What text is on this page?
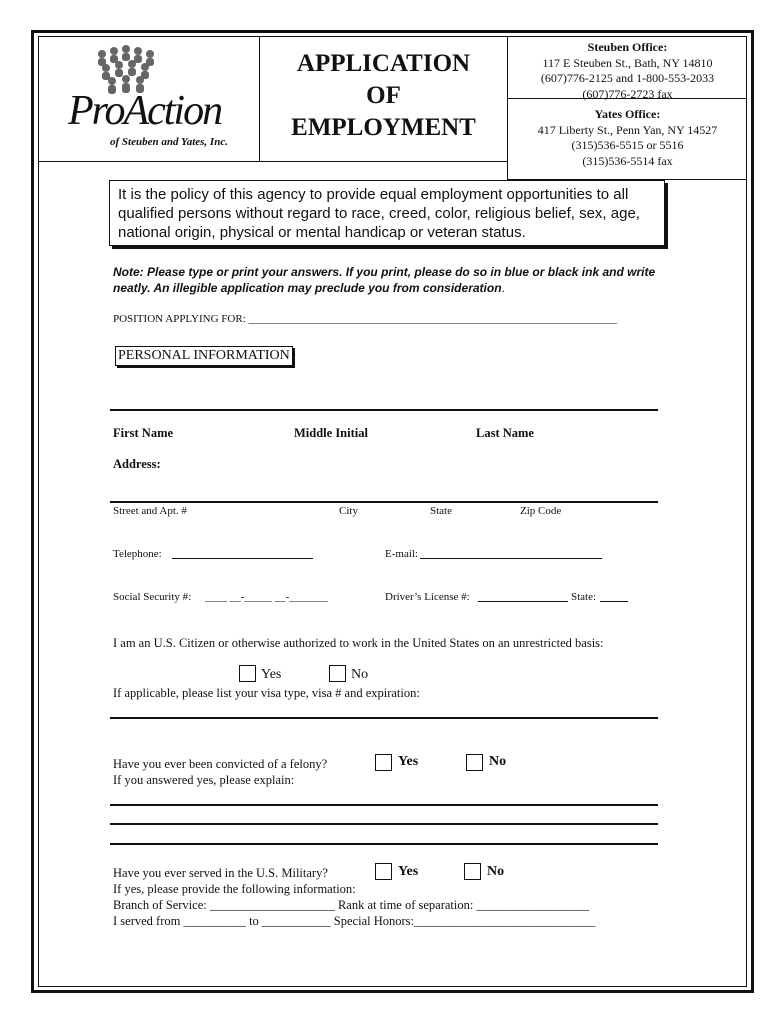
ProAction
of Steuben and Yates, Inc.
APPLICATION
OF
EMPLOYMENT
Steuben Office:
117 E Steuben St., Bath, NY 14810
(607)776-2125 and 1-800-553-2033
(607)776-2723 fax
Yates Office:
417 Liberty St., Penn Yan, NY 14527
(315)536-5515 or 5516
(315)536-5514 fax
It is the policy of this agency to provide equal employment opportunities to all qualified persons without regard to race, creed, color, religious belief, sex, age, national origin, physical or mental handicap or veteran status.
Note: Please type or print your answers. If you print, please do so in blue or black ink and write neatly. An illegible application may preclude you from consideration.
POSITION APPLYING FOR: ___________________________________________________________________
PERSONAL INFORMATION
First Name	Middle Initial	Last Name
Address:
Street and Apt. #	City	State	Zip Code
Telephone:	E-mail:
Social Security #: ____ __-_____ __-_______	Driver’s License #:	State:
I am an U.S. Citizen or otherwise authorized to work in the United States on an unrestricted basis:
Yes	No
If applicable, please list your visa type, visa # and expiration:
Have you ever been convicted of a felony?	Yes	No
If you answered yes, please explain:
Have you ever served in the U.S. Military?	Yes	No
If yes, please provide the following information:
Branch of Service: ____________________ Rank at time of separation: __________________
I served from __________ to ___________ Special Honors:_____________________________
